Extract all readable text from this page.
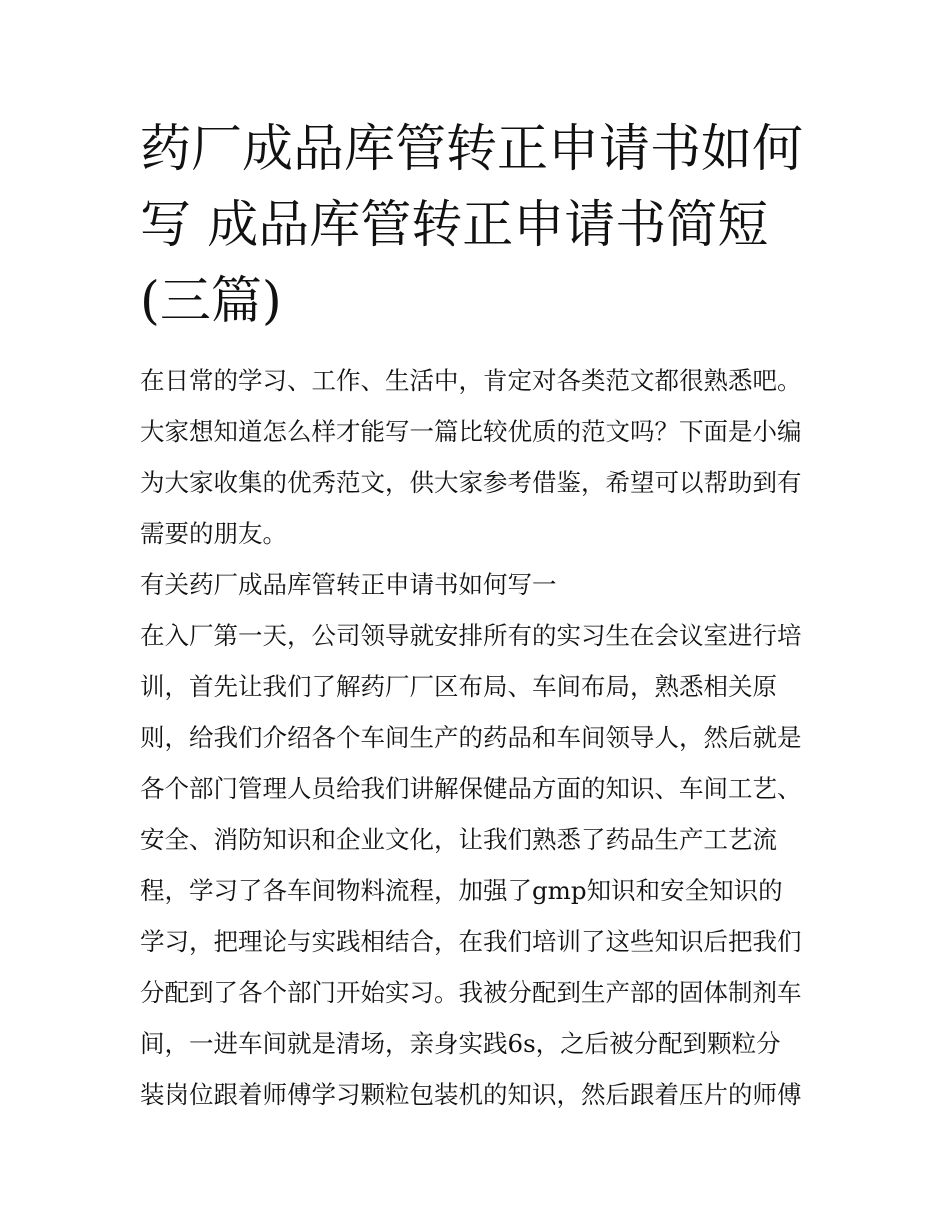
药厂成品库管转正申请书如何
写 成品库管转正申请书简短
(三篇)
在日常的学习、工作、生活中，肯定对各类范文都很熟悉吧。
大家想知道怎么样才能写一篇比较优质的范文吗？下面是小编
为大家收集的优秀范文，供大家参考借鉴，希望可以帮助到有
需要的朋友。
有关药厂成品库管转正申请书如何写一
在入厂第一天，公司领导就安排所有的实习生在会议室进行培
训，首先让我们了解药厂厂区布局、车间布局，熟悉相关原
则，给我们介绍各个车间生产的药品和车间领导人，然后就是
各个部门管理人员给我们讲解保健品方面的知识、车间工艺、
安全、消防知识和企业文化，让我们熟悉了药品生产工艺流
程，学习了各车间物料流程，加强了gmp知识和安全知识的
学习，把理论与实践相结合，在我们培训了这些知识后把我们
分配到了各个部门开始实习。我被分配到生产部的固体制剂车
间，一进车间就是清场，亲身实践6s，之后被分配到颗粒分
装岗位跟着师傅学习颗粒包装机的知识，然后跟着压片的师傅
